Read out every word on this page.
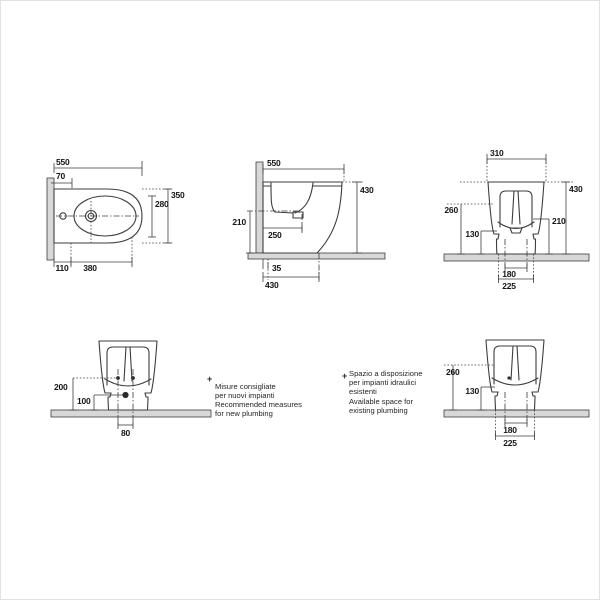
550
70
280
350
110 380
550
210
250
35
430
430
310
430
260
130
210
180
225
200
100
80
260
130
180
225
+
Misure consigliate
per nuovi impianti
Recommended measures
for new plumbing
+ Spazio a disposizione
per impianti idraulici
esistenti
Available space for
existing plumbing
